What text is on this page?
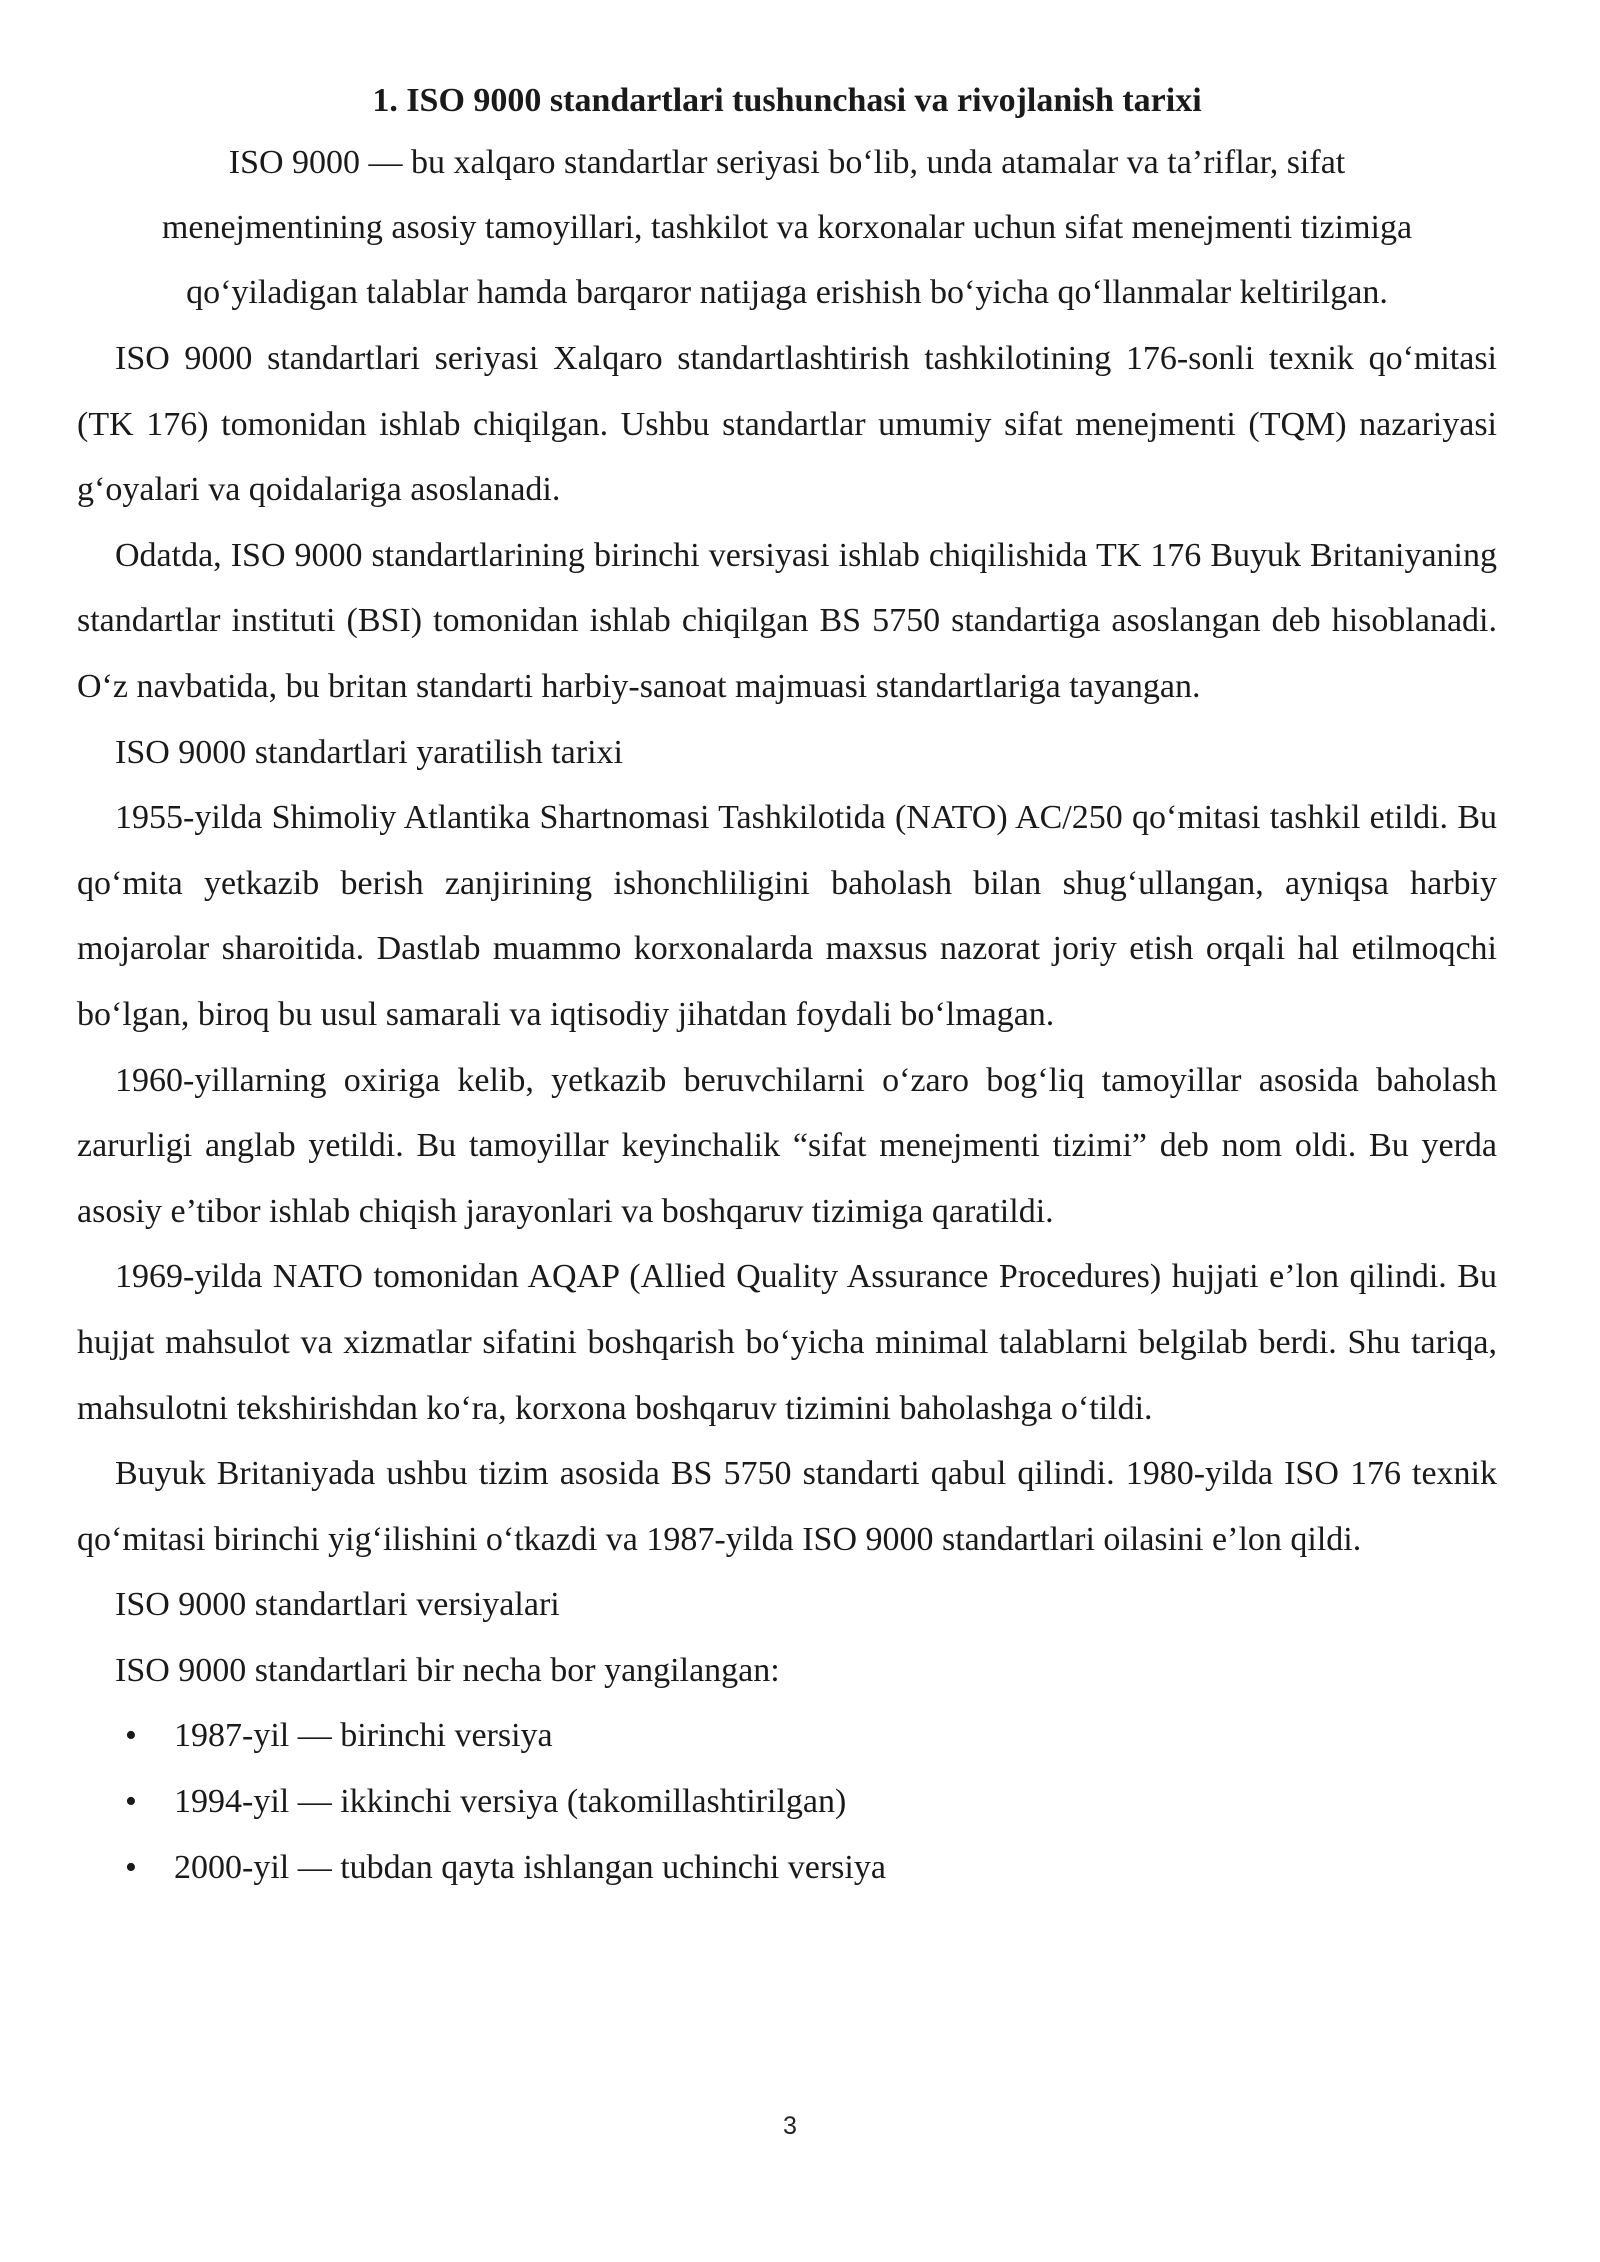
1. ISO 9000 standartlari tushunchasi va rivojlanish tarixi

ISO 9000 — bu xalqaro standartlar seriyasi bo‘lib, unda atamalar va ta’riflar, sifat

menejmentining asosiy tamoyillari, tashkilot va korxonalar uchun sifat menejmenti tizimiga

qo‘yiladigan talablar hamda barqaror natijaga erishish bo‘yicha qo‘llanmalar keltirilgan.

ISO 9000 standartlari seriyasi Xalqaro standartlashtirish tashkilotining 176-sonli texnik qo‘mitasi (TK 176) tomonidan ishlab chiqilgan. Ushbu standartlar umumiy sifat menejmenti (TQM) nazariyasi g‘oyalari va qoidalariga asoslanadi.

Odatda, ISO 9000 standartlarining birinchi versiyasi ishlab chiqilishida TK 176 Buyuk Britaniyaning standartlar instituti (BSI) tomonidan ishlab chiqilgan BS 5750 standartiga asoslangan deb hisoblanadi. O‘z navbatida, bu britan standarti harbiy-sanoat majmuasi standartlariga tayangan.

ISO 9000 standartlari yaratilish tarixi

1955-yilda Shimoliy Atlantika Shartnomasi Tashkilotida (NATO) AC/250 qo‘mitasi tashkil etildi. Bu qo‘mita yetkazib berish zanjirining ishonchliligini baholash bilan shug‘ullangan, ayniqsa harbiy mojarolar sharoitida. Dastlab muammo korxonalarda maxsus nazorat joriy etish orqali hal etilmoqchi bo‘lgan, biroq bu usul samarali va iqtisodiy jihatdan foydali bo‘lmagan.

1960-yillarning oxiriga kelib, yetkazib beruvchilarni o‘zaro bog‘liq tamoyillar asosida baholash zarurligi anglab yetildi. Bu tamoyillar keyinchalik “sifat menejmenti tizimi” deb nom oldi. Bu yerda asosiy e’tibor ishlab chiqish jarayonlari va boshqaruv tizimiga qaratildi.

1969-yilda NATO tomonidan AQAP (Allied Quality Assurance Procedures) hujjati e’lon qilindi. Bu hujjat mahsulot va xizmatlar sifatini boshqarish bo‘yicha minimal talablarni belgilab berdi. Shu tariqa, mahsulotni tekshirishdan ko‘ra, korxona boshqaruv tizimini baholashga o‘tildi.

Buyuk Britaniyada ushbu tizim asosida BS 5750 standarti qabul qilindi. 1980-yilda ISO 176 texnik qo‘mitasi birinchi yig‘ilishini o‘tkazdi va 1987-yilda ISO 9000 standartlari oilasini e’lon qildi.

ISO 9000 standartlari versiyalari

ISO 9000 standartlari bir necha bor yangilangan:

• 1987-yil — birinchi versiya
• 1994-yil — ikkinchi versiya (takomillashtirilgan)
• 2000-yil — tubdan qayta ishlangan uchinchi versiya
3
